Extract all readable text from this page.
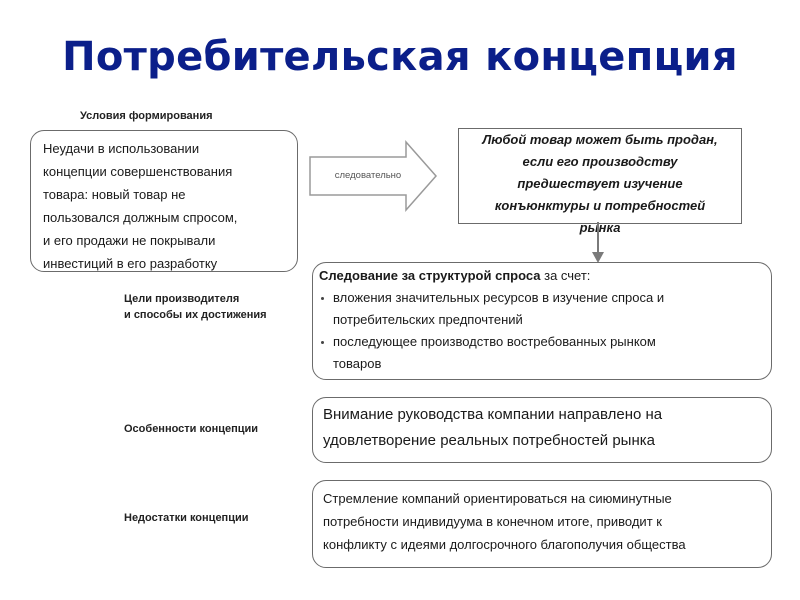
Потребительская концепция
Условия формирования
Цели производителя
и способы их достижения
Особенности концепции
Недостатки концепции
Неудачи в использовании
концепции совершенствования
товара: новый товар не
пользовался должным спросом,
и его продажи не покрывали
инвестиций в его разработку
следовательно
Любой товар может быть продан,
если его производству
предшествует изучение
конъюнктуры и потребностей
рынка
Следование за структурой спроса за счет:
вложения значительных ресурсов в изучение спроса и
потребительских предпочтений
последующее производство востребованных рынком
товаров
Внимание руководства компании направлено на
удовлетворение реальных потребностей рынка
Стремление компаний ориентироваться на сиюминутные
потребности индивидуума в конечном итоге, приводит к
конфликту с идеями долгосрочного благополучия общества
